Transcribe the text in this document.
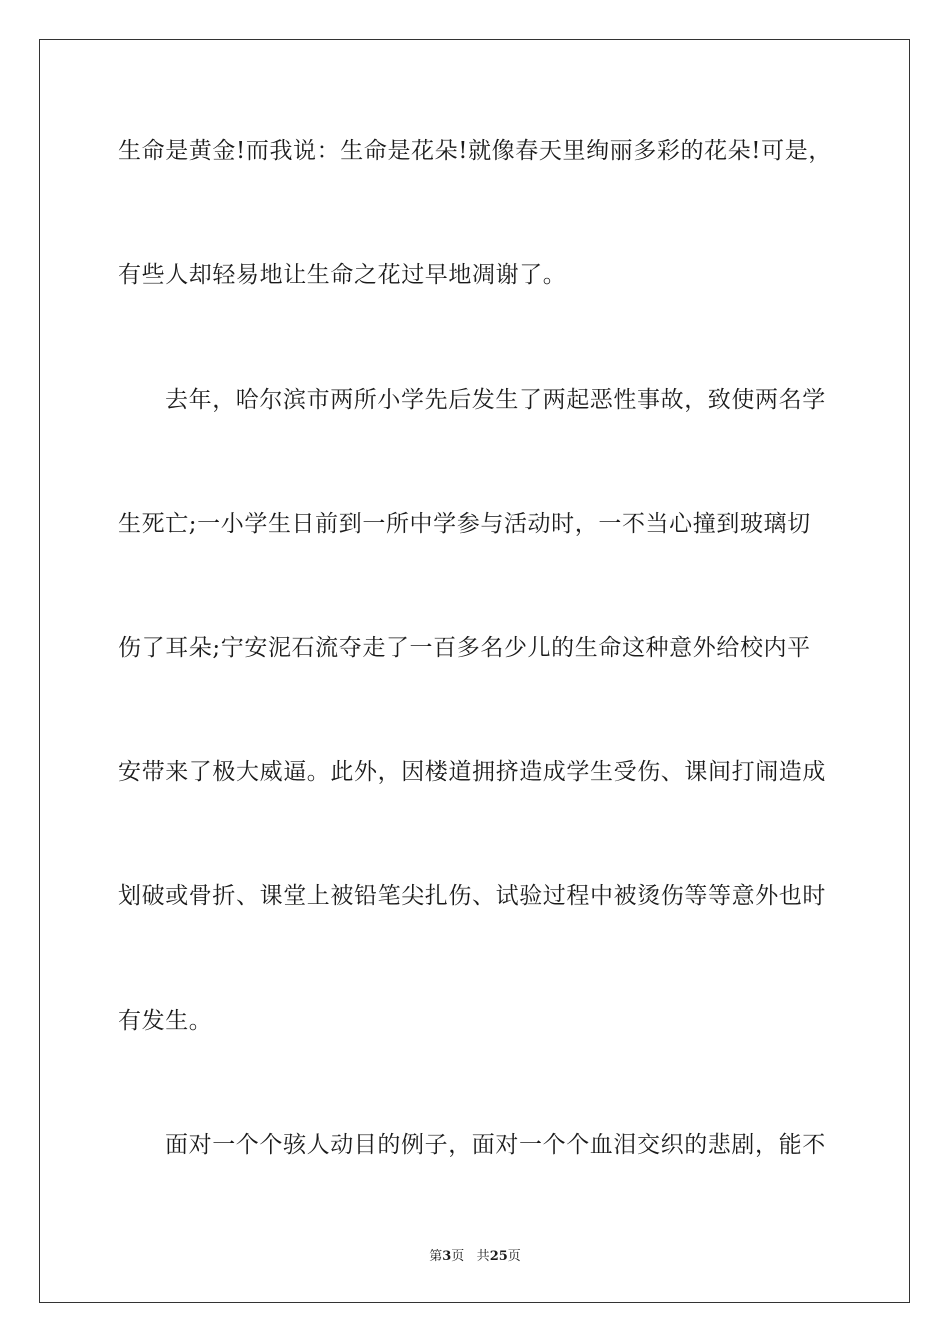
生命是黄金!而我说：生命是花朵!就像春天里绚丽多彩的花朵!可是，
有些人却轻易地让生命之花过早地凋谢了。
去年，哈尔滨市两所小学先后发生了两起恶性事故，致使两名学
生死亡;一小学生日前到一所中学参与活动时，一不当心撞到玻璃切
伤了耳朵;宁安泥石流夺走了一百多名少儿的生命这种意外给校内平
安带来了极大威逼。此外，因楼道拥挤造成学生受伤、课间打闹造成
划破或骨折、课堂上被铅笔尖扎伤、试验过程中被烫伤等等意外也时
有发生。
面对一个个骇人动目的例子，面对一个个血泪交织的悲剧，能不
第3页 共25页
